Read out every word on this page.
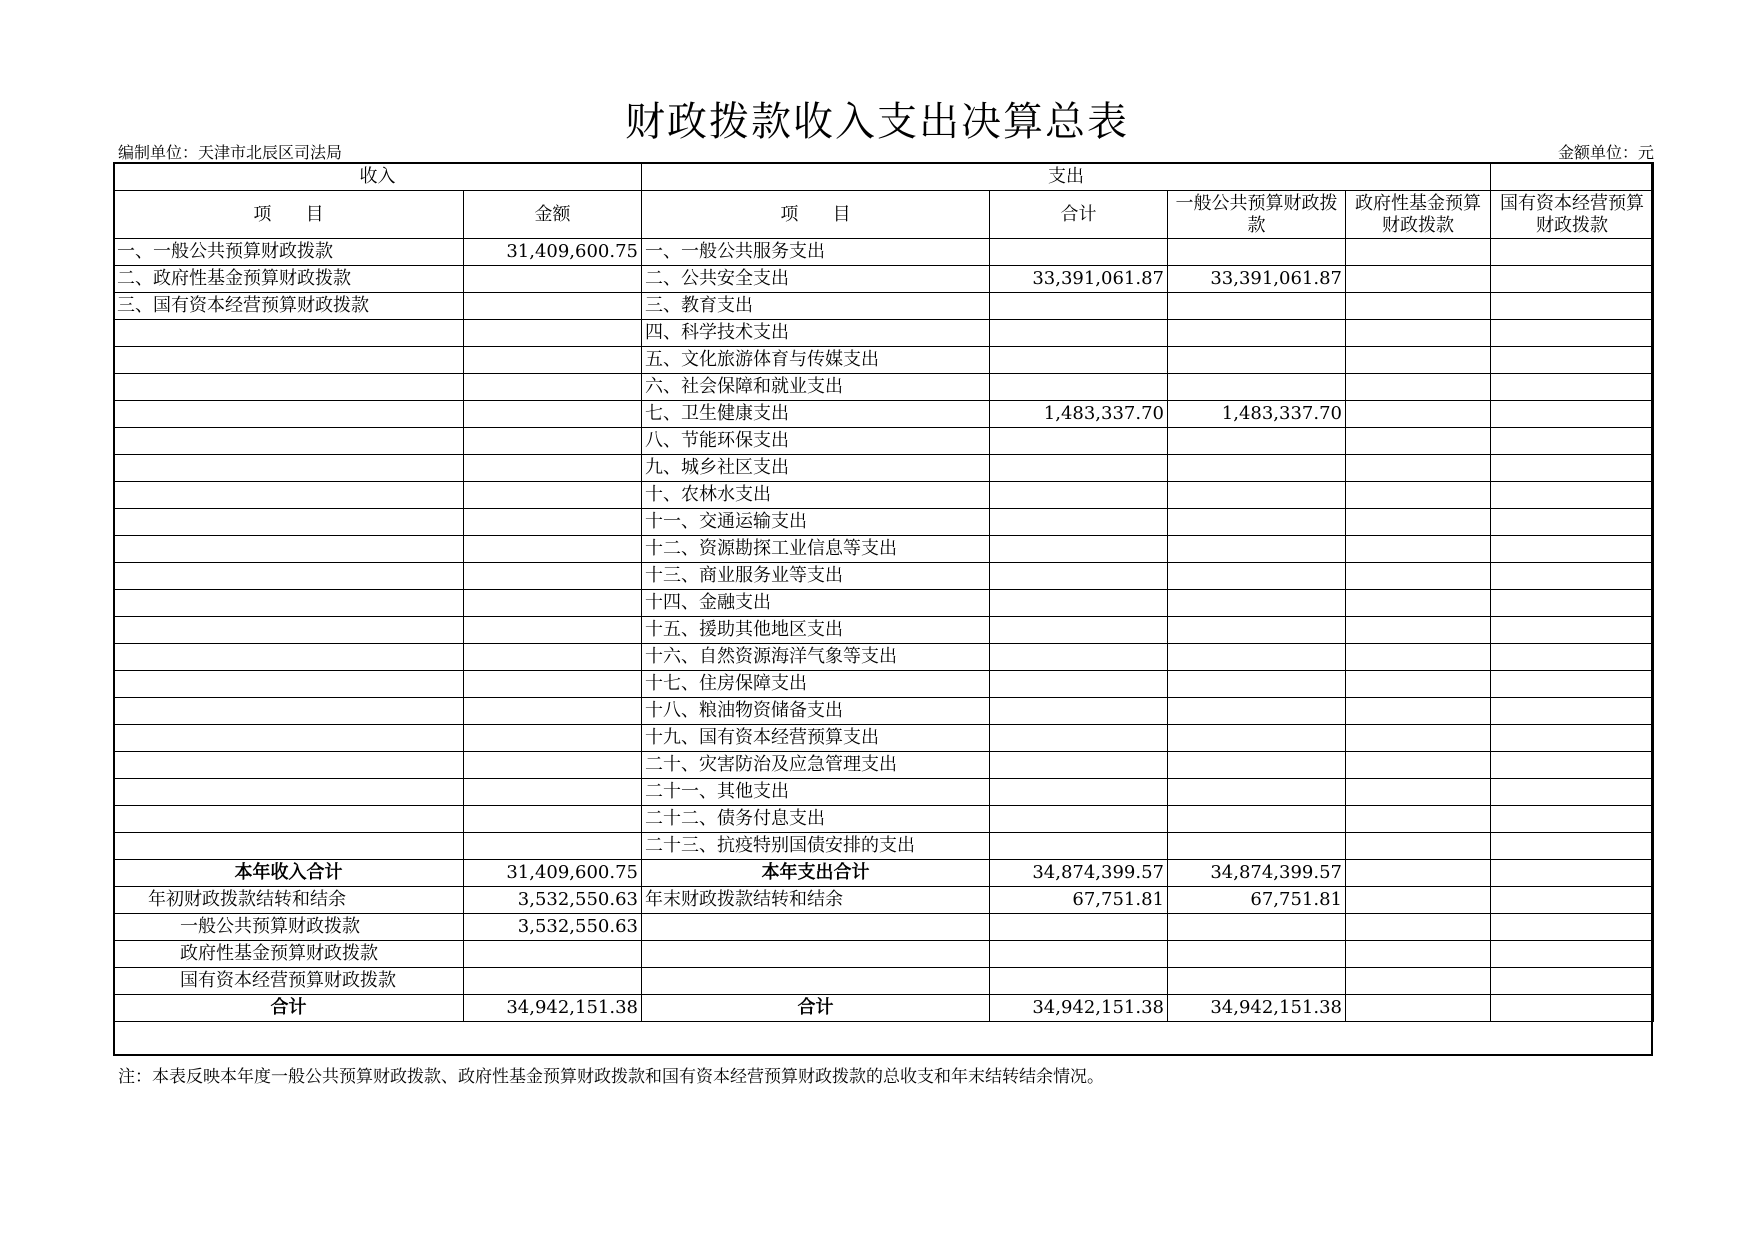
财政拨款收入支出决算总表
编制单位：天津市北辰区司法局	金额单位：元
收入		支出				
项      目	金额	项      目	合计	一般公共预算财政拨款	政府性基金预算财政拨款	国有资本经营预算财政拨款
一、一般公共预算财政拨款	31,409,600.75	一、一般公共服务支出				
二、政府性基金预算财政拨款		二、公共安全支出	33,391,061.87	33,391,061.87		
三、国有资本经营预算财政拨款		三、教育支出				
		四、科学技术支出				
		五、文化旅游体育与传媒支出				
		六、社会保障和就业支出				
		七、卫生健康支出	1,483,337.70	1,483,337.70		
		八、节能环保支出				
		九、城乡社区支出				
		十、农林水支出				
		十一、交通运输支出				
		十二、资源勘探工业信息等支出				
		十三、商业服务业等支出				
		十四、金融支出				
		十五、援助其他地区支出				
		十六、自然资源海洋气象等支出				
		十七、住房保障支出				
		十八、粮油物资储备支出				
		十九、国有资本经营预算支出				
		二十、灾害防治及应急管理支出				
		二十一、其他支出				
		二十二、债务付息支出				
		二十三、抗疫特别国债安排的支出				
本年收入合计	31,409,600.75	本年支出合计	34,874,399.57	34,874,399.57		
年初财政拨款结转和结余	3,532,550.63	年末财政拨款结转和结余	67,751.81	67,751.81		
一般公共预算财政拨款	3,532,550.63					
政府性基金预算财政拨款						
国有资本经营预算财政拨款						
合计	34,942,151.38	合计	34,942,151.38	34,942,151.38		
注：本表反映本年度一般公共预算财政拨款、政府性基金预算财政拨款和国有资本经营预算财政拨款的总收支和年末结转结余情况。
